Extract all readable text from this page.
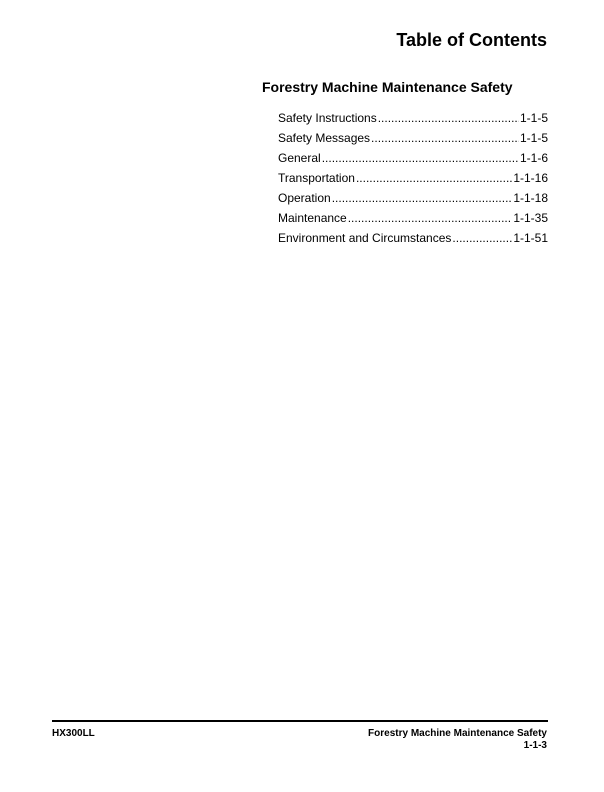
Table of Contents
Forestry Machine Maintenance Safety
Safety Instructions .....	1-1-5
Safety Messages .....	1-1-5
General .....	1-1-6
Transportation .....	1-1-16
Operation .....	1-1-18
Maintenance .....	1-1-35
Environment and Circumstances .....	1-1-51
HX300LL	Forestry Machine Maintenance Safety
1-1-3
